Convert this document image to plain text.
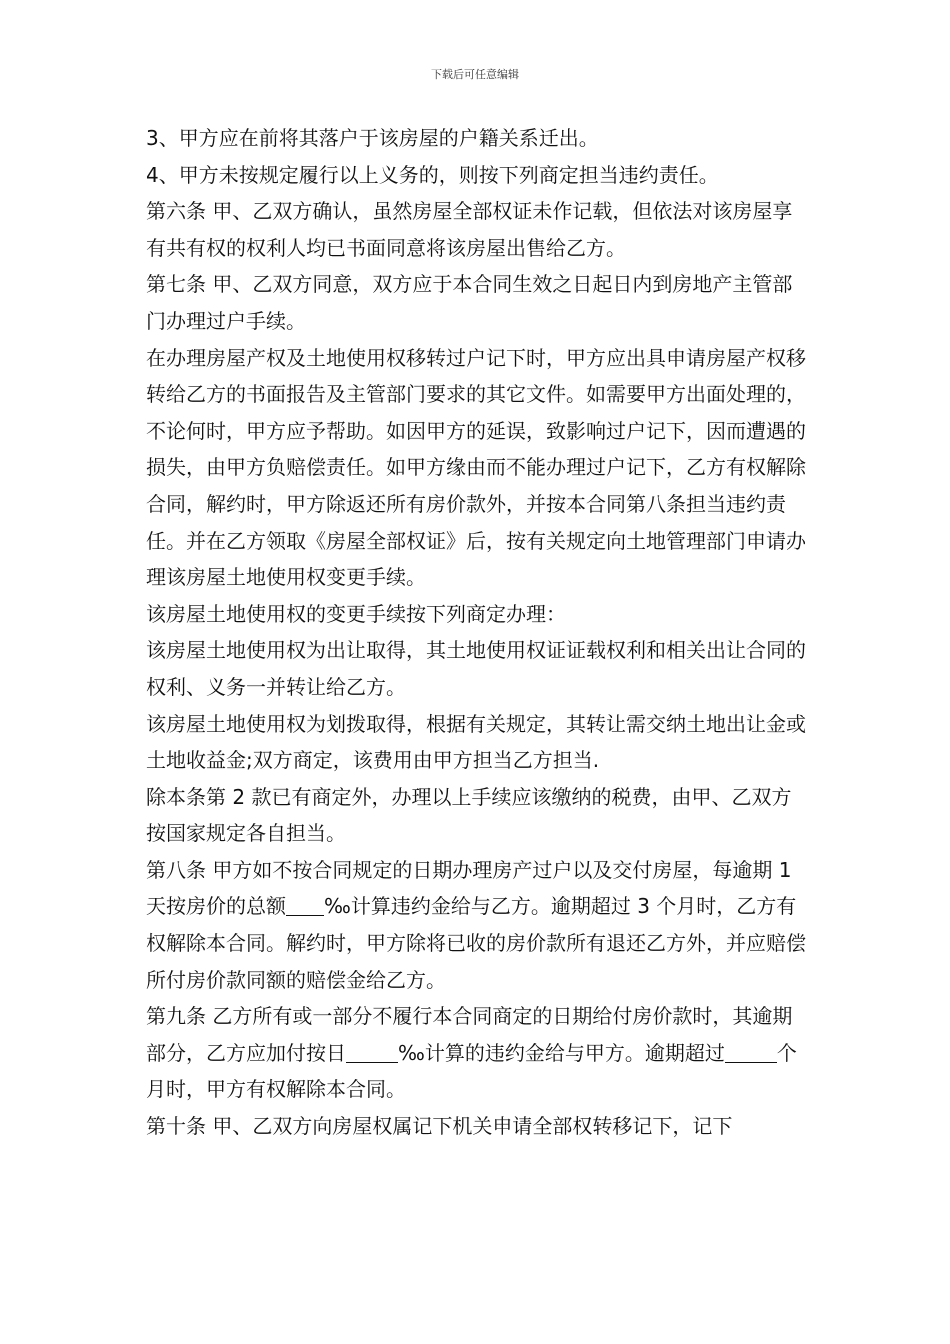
下载后可任意编辑

3、甲方应在前将其落户于该房屋的户籍关系迁出。

4、甲方未按规定履行以上义务的，则按下列商定担当违约责任。

第六条 甲、乙双方确认，虽然房屋全部权证未作记载，但依法对该房屋享有共有权的权利人均已书面同意将该房屋出售给乙方。

第七条 甲、乙双方同意，双方应于本合同生效之日起日内到房地产主管部门办理过户手续。

在办理房屋产权及土地使用权移转过户记下时，甲方应出具申请房屋产权移转给乙方的书面报告及主管部门要求的其它文件。如需要甲方出面处理的，不论何时，甲方应予帮助。如因甲方的延误，致影响过户记下，因而遭遇的损失，由甲方负赔偿责任。如甲方缘由而不能办理过户记下，乙方有权解除合同，解约时，甲方除返还所有房价款外，并按本合同第八条担当违约责任。并在乙方领取《房屋全部权证》后，按有关规定向土地管理部门申请办理该房屋土地使用权变更手续。

该房屋土地使用权的变更手续按下列商定办理：

该房屋土地使用权为出让取得，其土地使用权证证载权利和相关出让合同的权利、义务一并转让给乙方。

该房屋土地使用权为划拨取得，根据有关规定，其转让需交纳土地出让金或土地收益金;双方商定，该费用由甲方担当乙方担当.

除本条第 2 款已有商定外，办理以上手续应该缴纳的税费，由甲、乙双方按国家规定各自担当。

第八条 甲方如不按合同规定的日期办理房产过户以及交付房屋，每逾期 1 天按房价的总额 ‰计算违约金给与乙方。逾期超过 3 个月时，乙方有权解除本合同。解约时，甲方除将已收的房价款所有退还乙方外，并应赔偿所付房价款同额的赔偿金给乙方。

第九条 乙方所有或一部分不履行本合同商定的日期给付房价款时，其逾期部分，乙方应加付按日	‰计算的违约金给与甲方。逾期超过	个月时，甲方有权解除本合同。

第十条 甲、乙双方向房屋权属记下机关申请全部权转移记下，记下
